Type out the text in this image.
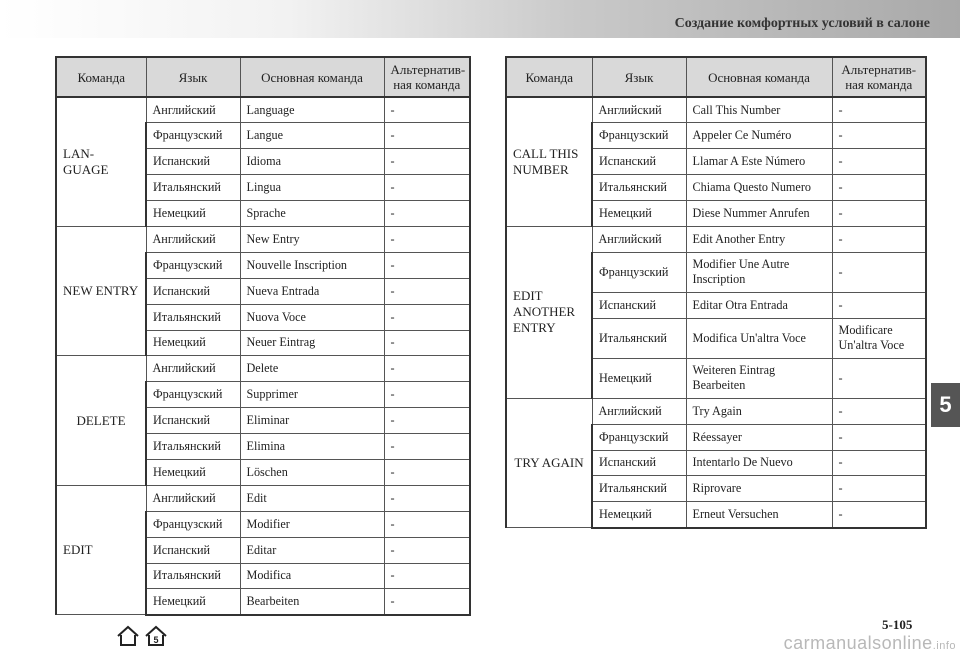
Создание комфортных условий в салоне
Команда	Язык	Основная команда	Альтернатив-ная команда
LAN-GUAGE	Английский	Language	-
	Французский	Langue	-
	Испанский	Idioma	-
	Итальянский	Lingua	-
	Немецкий	Sprache	-
NEW ENTRY	Английский	New Entry	-
	Французский	Nouvelle Inscription	-
	Испанский	Nueva Entrada	-
	Итальянский	Nuova Voce	-
	Немецкий	Neuer Eintrag	-
DELETE	Английский	Delete	-
	Французский	Supprimer	-
	Испанский	Eliminar	-
	Итальянский	Elimina	-
	Немецкий	Löschen	-
EDIT	Английский	Edit	-
	Французский	Modifier	-
	Испанский	Editar	-
	Итальянский	Modifica	-
	Немецкий	Bearbeiten	-
Команда	Язык	Основная команда	Альтернатив-ная команда
CALL THIS NUMBER	Английский	Call This Number	-
	Французский	Appeler Ce Numéro	-
	Испанский	Llamar A Este Número	-
	Итальянский	Chiama Questo Numero	-
	Немецкий	Diese Nummer Anrufen	-
EDIT ANOTHER ENTRY	Английский	Edit Another Entry	-
	Французский	Modifier Une Autre Inscription	-
	Испанский	Editar Otra Entrada	-
	Итальянский	Modifica Un'altra Voce	Modificare Un'altra Voce
	Немецкий	Weiteren Eintrag Bearbeiten	-
TRY AGAIN	Английский	Try Again	-
	Французский	Réessayer	-
	Испанский	Intentarlo De Nuevo	-
	Итальянский	Riprovare	-
	Немецкий	Erneut Versuchen	-
5
5-105
5	carmanualsonline.info
